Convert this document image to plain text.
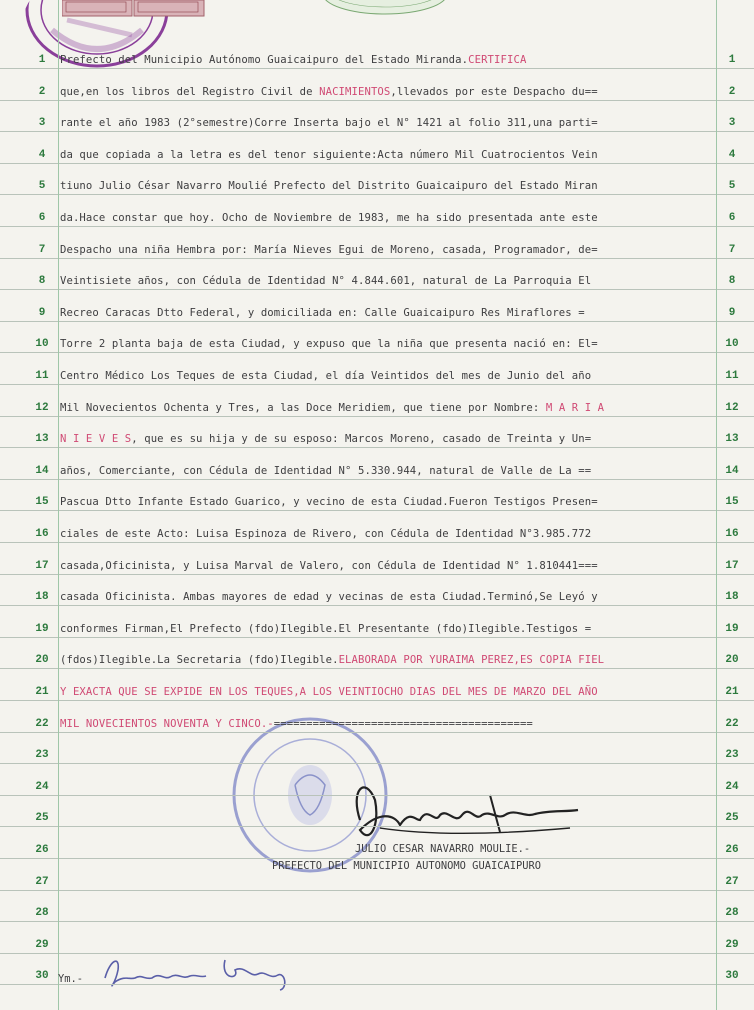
1	1
Prefecto del Municipio Autónomo Guaicaipuro del Estado Miranda.CERTIFICA
2	2
que,en los libros del Registro Civil de NACIMIENTOS,llevados por este Despacho du==
3	3
rante el año 1983 (2°semestre)Corre Inserta bajo el N° 1421 al folio 311,una parti=
4	4
da que copiada a la letra es del tenor siguiente:Acta número Mil Cuatrocientos Vein
5	5
tiuno Julio César Navarro Moulié Prefecto del Distrito Guaicaipuro del Estado Miran
6	6
da.Hace constar que hoy. Ocho de Noviembre de 1983, me ha sido presentada ante este
7	7
Despacho una niña Hembra por: María Nieves Egui de Moreno, casada, Programador, de=
8	8
Veintisiete años, con Cédula de Identidad N° 4.844.601, natural de La Parroquia El
9	9
Recreo Caracas Dtto Federal, y domiciliada en: Calle Guaicaipuro Res Miraflores =
10	10
Torre 2 planta baja de esta Ciudad, y expuso que la niña que presenta nació en: El=
11	11
Centro Médico Los Teques de esta Ciudad, el día Veintidos del mes de Junio del año
12	12
Mil Novecientos Ochenta y Tres, a las Doce Meridiem, que tiene por Nombre: M A R I A
13	13
N I E V E S, que es su hija y de su esposo: Marcos Moreno, casado de Treinta y Un=
14	14
años, Comerciante, con Cédula de Identidad N° 5.330.944, natural de Valle de La ==
15	15
Pascua Dtto Infante Estado Guarico, y vecino de esta Ciudad.Fueron Testigos Presen=
16	16
ciales de este Acto: Luisa Espinoza de Rivero, con Cédula de Identidad N°3.985.772
17	17
casada,Oficinista, y Luisa Marval de Valero, con Cédula de Identidad N° 1.810441===
18	18
casada Oficinista. Ambas mayores de edad y vecinas de esta Ciudad.Terminó,Se Leyó y
19	19
conformes Firman,El Prefecto (fdo)Ilegible.El Presentante (fdo)Ilegible.Testigos =
20	20
(fdos)Ilegible.La Secretaria (fdo)Ilegible.ELABORADA POR YURAIMA PEREZ,ES COPIA FIEL
21	21
Y EXACTA QUE SE EXPIDE EN LOS TEQUES,A LOS VEINTIOCHO DIAS DEL MES DE MARZO DEL AÑO
22	22
MIL NOVECIENTOS NOVENTA Y CINCO.-========================================
23	23
24	24
25	25
26	26
27	27
28	28
29	29
30	30
JULIO CESAR NAVARRO MOULIE.-
PREFECTO DEL MUNICIPIO AUTONOMO GUAICAIPURO
Ym.-
